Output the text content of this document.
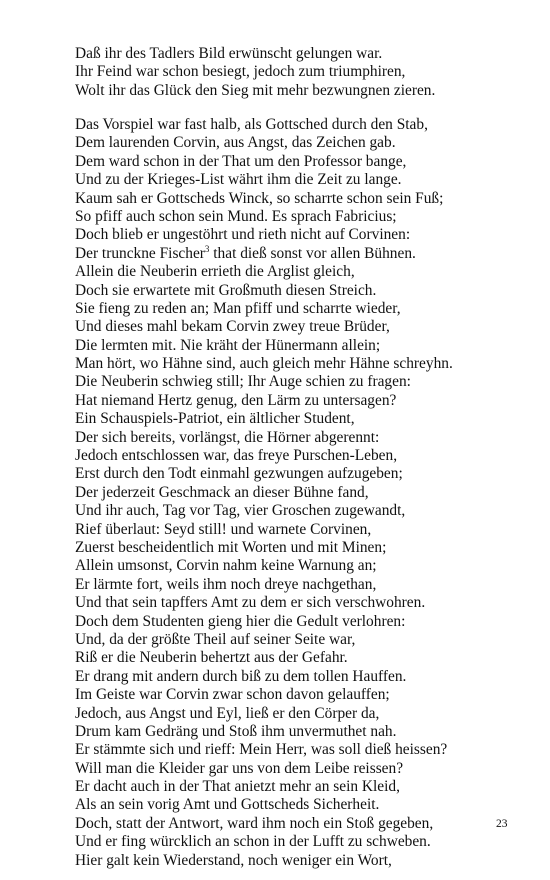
Daß ihr des Tadlers Bild erwünscht gelungen war.
Ihr Feind war schon besiegt, jedoch zum triumphiren,
Wolt ihr das Glück den Sieg mit mehr bezwungnen zieren.
Das Vorspiel war fast halb, als Gottsched durch den Stab,
Dem laurenden Corvin, aus Angst, das Zeichen gab.
Dem ward schon in der That um den Professor bange,
Und zu der Krieges-List währt ihm die Zeit zu lange.
Kaum sah er Gottscheds Winck, so scharrte schon sein Fuß;
So pfiff auch schon sein Mund. Es sprach Fabricius;
Doch blieb er ungestöhrt und rieth nicht auf Corvinen:
Der trunckne Fischer$^3$ that dieß sonst vor allen Bühnen.
Allein die Neuberin errieth die Arglist gleich,
Doch sie erwartete mit Großmuth diesen Streich.
Sie fieng zu reden an; Man pfiff und scharrte wieder,
Und dieses mahl bekam Corvin zwey treue Brüder,
Die lermten mit. Nie kräht der Hünermann allein;
Man hört, wo Hähne sind, auch gleich mehr Hähne schreyhn.
Die Neuberin schwieg still; Ihr Auge schien zu fragen:
Hat niemand Hertz genug, den Lärm zu untersagen?
Ein Schauspiels-Patriot, ein ältlicher Student,
Der sich bereits, vorlängst, die Hörner abgerennt:
Jedoch entschlossen war, das freye Purschen-Leben,
Erst durch den Todt einmahl gezwungen aufzugeben;
Der jederzeit Geschmack an dieser Bühne fand,
Und ihr auch, Tag vor Tag, vier Groschen zugewandt,
Rief überlaut: Seyd still! und warnete Corvinen,
Zuerst bescheidentlich mit Worten und mit Minen;
Allein umsonst, Corvin nahm keine Warnung an;
Er lärmte fort, weils ihm noch dreye nachgethan,
Und that sein tapffers Amt zu dem er sich verschwohren.
Doch dem Studenten gieng hier die Gedult verlohren:
Und, da der größte Theil auf seiner Seite war,
Riß er die Neuberin behertzt aus der Gefahr.
Er drang mit andern durch biß zu dem tollen Hauffen.
Im Geiste war Corvin zwar schon davon gelauffen;
Jedoch, aus Angst und Eyl, ließ er den Cörper da,
Drum kam Gedräng und Stoß ihm unvermuthet nah.
Er stämmte sich und rieff: Mein Herr, was soll dieß heissen?
Will man die Kleider gar uns von dem Leibe reissen?
Er dacht auch in der That anietzt mehr an sein Kleid,
Als an sein vorig Amt und Gottscheds Sicherheit.
Doch, statt der Antwort, ward ihm noch ein Stoß gegeben,
Und er fing würcklich an schon in der Lufft zu schweben.
Hier galt kein Wiederstand, noch weniger ein Wort,
23
